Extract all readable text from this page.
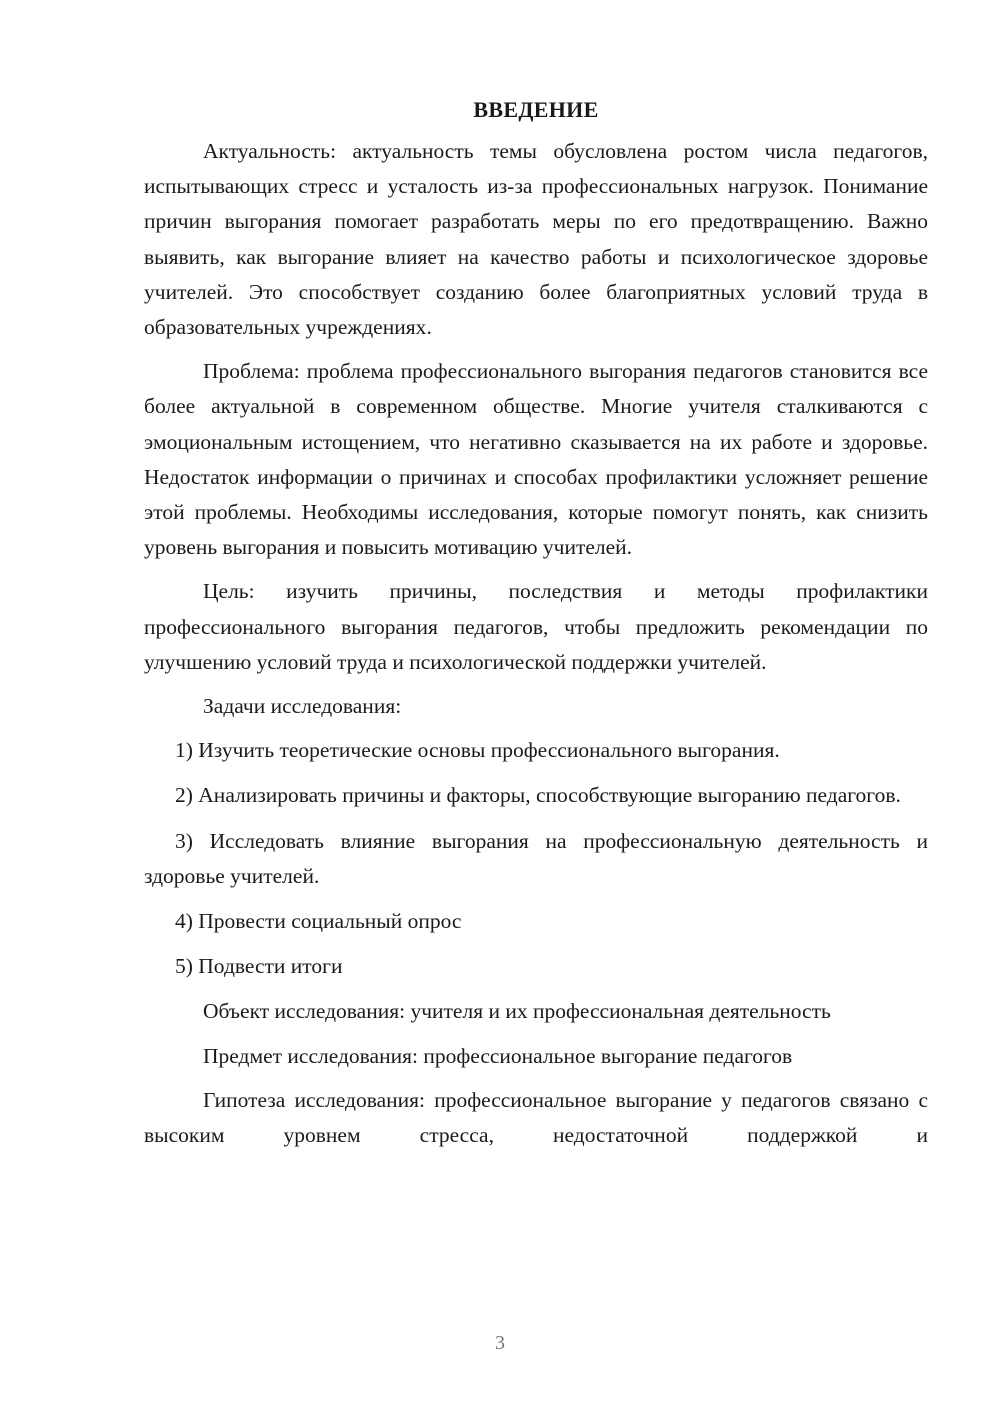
ВВЕДЕНИЕ

Актуальность: актуальность темы обусловлена ростом числа педагогов, испытывающих стресс и усталость из-за профессиональных нагрузок. Понимание причин выгорания помогает разработать меры по его предотвращению. Важно выявить, как выгорание влияет на качество работы и психологическое здоровье учителей. Это способствует созданию более благоприятных условий труда в образовательных учреждениях.

Проблема: проблема профессионального выгорания педагогов становится все более актуальной в современном обществе. Многие учителя сталкиваются с эмоциональным истощением, что негативно сказывается на их работе и здоровье. Недостаток информации о причинах и способах профилактики усложняет решение этой проблемы. Необходимы исследования, которые помогут понять, как снизить уровень выгорания и повысить мотивацию учителей.

Цель: изучить причины, последствия и методы профилактики профессионального выгорания педагогов, чтобы предложить рекомендации по улучшению условий труда и психологической поддержки учителей.

Задачи исследования:

1) Изучить теоретические основы профессионального выгорания.

2) Анализировать причины и факторы, способствующие выгоранию педагогов.

3) Исследовать влияние выгорания на профессиональную деятельность и здоровье учителей.

4) Провести социальный опрос

5) Подвести итоги

Объект исследования: учителя и их профессиональная деятельность

Предмет исследования: профессиональное выгорание педагогов

Гипотеза исследования: профессиональное выгорание у педагогов связано с высоким уровнем стресса, недостаточной поддержкой и

3
